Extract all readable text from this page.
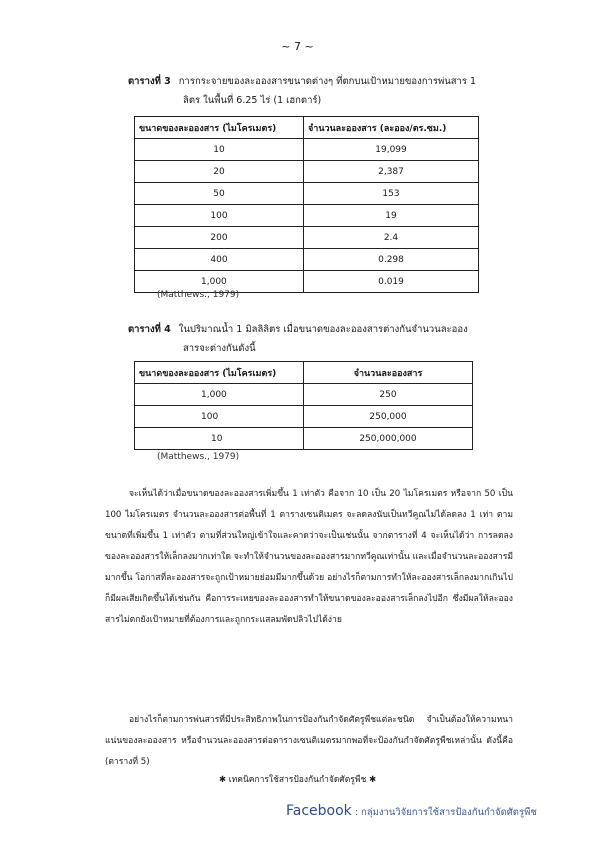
~ 7 ~
ตารางที่ 3 การกระจายของละอองสารขนาดต่างๆ ที่ตกบนเป้าหมายของการพ่นสาร 1
ลิตร ในพื้นที่ 6.25 ไร่ (1 เฮกตาร์)
ขนาดของละอองสาร (ไมโครเมตร)	จำนวนละอองสาร (ละออง/ตร.ซม.)
10	19,099
20	2,387
50	153
100	19
200	2.4
400	0.298
1,000	0.019
(Matthews., 1979)
ตารางที่ 4 ในปริมาณน้ำ 1 มิลลิลิตร เมื่อขนาดของละอองสารต่างกันจำนวนละออง
สารจะต่างกันดังนี้
ขนาดของละอองสาร (ไมโครเมตร)	จำนวนละอองสาร
1,000	250
100	250,000
10	250,000,000
(Matthews., 1979)
จะเห็นได้ว่าเมื่อขนาดของละอองสารเพิ่มขึ้น 1 เท่าตัว คือจาก 10 เป็น 20 ไมโครเมตร หรือจาก 50 เป็น 100 ไมโครเมตร จำนวนละอองสารต่อพื้นที่ 1 ตารางเซนติเมตร จะลดลงนับเป็นทวีคูณไม่ได้ลดลง 1 เท่า ตามขนาดที่เพิ่มขึ้น 1 เท่าตัว ตามที่ส่วนใหญ่เข้าใจและคาดว่าจะเป็นเช่นนั้น จากตารางที่ 4 จะเห็นได้ว่า การลดลงของละอองสารให้เล็กลงมากเท่าใด จะทำให้จำนวนของละอองสารมากทวีคูณเท่านั้น และเมื่อจำนวนละอองสารมีมากขึ้น โอกาสที่ละอองสารจะถูกเป้าหมายย่อมมีมากขึ้นด้วย อย่างไรก็ตามการทำให้ละอองสารเล็กลงมากเกินไปก็มีผลเสียเกิดขึ้นได้เช่นกัน คือการระเหยของละอองสารทำให้ขนาดของละอองสารเล็กลงไปอีก ซึ่งมีผลให้ละอองสารไม่ตกยังเป้าหมายที่ต้องการและถูกกระแสลมพัดปลิวไปได้ง่าย
อย่างไรก็ตามการพ่นสารที่มีประสิทธิภาพในการป้องกันกำจัดศัตรูพืชแต่ละชนิด จำเป็นต้องให้ความหนาแน่นของละอองสาร หรือจำนวนละอองสารต่อตารางเซนติเมตรมากพอที่จะป้องกันกำจัดศัตรูพืชเหล่านั้น ดังนี้คือ (ตารางที่ 5)
✱ เทคนิคการใช้สารป้องกันกำจัดศัตรูพืช ✱
Facebook : กลุ่มงานวิจัยการใช้สารป้องกันกำจัดศัตรูพืช
